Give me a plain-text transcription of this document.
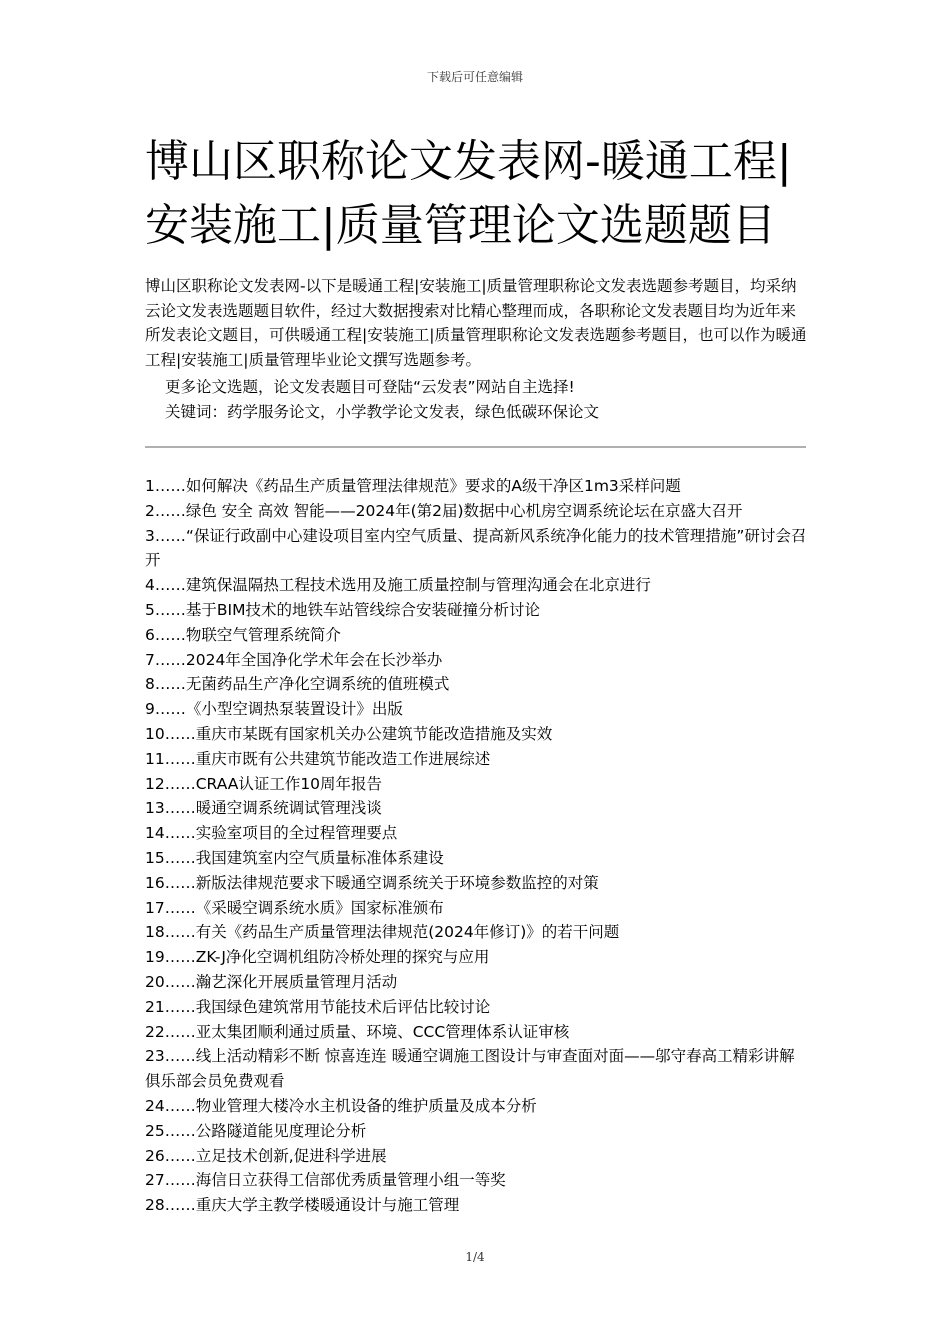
下载后可任意编辑
博山区职称论文发表网-暖通工程|安装施工|质量管理论文选题题目

博山区职称论文发表网-以下是暖通工程|安装施工|质量管理职称论文发表选题参考题目，均采纳云论文发表选题题目软件，经过大数据搜索对比精心整理而成，各职称论文发表题目均为近年来所发表论文题目，可供暖通工程|安装施工|质量管理职称论文发表选题参考题目，也可以作为暖通工程|安装施工|质量管理毕业论文撰写选题参考。

更多论文选题，论文发表题目可登陆“云发表”网站自主选择!

关键词：药学服务论文，小学教学论文发表，绿色低碳环保论文

1……如何解决《药品生产质量管理法律规范》要求的A级干净区1m3采样问题
2……绿色 安全 高效 智能——2024年(第2届)数据中心机房空调系统论坛在京盛大召开
3……“保证行政副中心建设项目室内空气质量、提高新风系统净化能力的技术管理措施”研讨会召开
4……建筑保温隔热工程技术选用及施工质量控制与管理沟通会在北京进行
5……基于BIM技术的地铁车站管线综合安装碰撞分析讨论
6……物联空气管理系统简介
7……2024年全国净化学术年会在长沙举办
8……无菌药品生产净化空调系统的值班模式
9……《小型空调热泵装置设计》出版
10……重庆市某既有国家机关办公建筑节能改造措施及实效
11……重庆市既有公共建筑节能改造工作进展综述
12……CRAA认证工作10周年报告
13……暖通空调系统调试管理浅谈
14……实验室项目的全过程管理要点
15……我国建筑室内空气质量标准体系建设
16……新版法律规范要求下暖通空调系统关于环境参数监控的对策
17……《采暖空调系统水质》国家标准颁布
18……有关《药品生产质量管理法律规范(2024年修订)》的若干问题
19……ZK-J净化空调机组防冷桥处理的探究与应用
20……瀚艺深化开展质量管理月活动
21……我国绿色建筑常用节能技术后评估比较讨论
22……亚太集团顺利通过质量、环境、CCC管理体系认证审核
23……线上活动精彩不断 惊喜连连 暖通空调施工图设计与审查面对面——邬守春高工精彩讲解俱乐部会员免费观看
24……物业管理大楼冷水主机设备的维护质量及成本分析
25……公路隧道能见度理论分析
26……立足技术创新,促进科学进展
27……海信日立获得工信部优秀质量管理小组一等奖
28……重庆大学主教学楼暖通设计与施工管理
1/4
